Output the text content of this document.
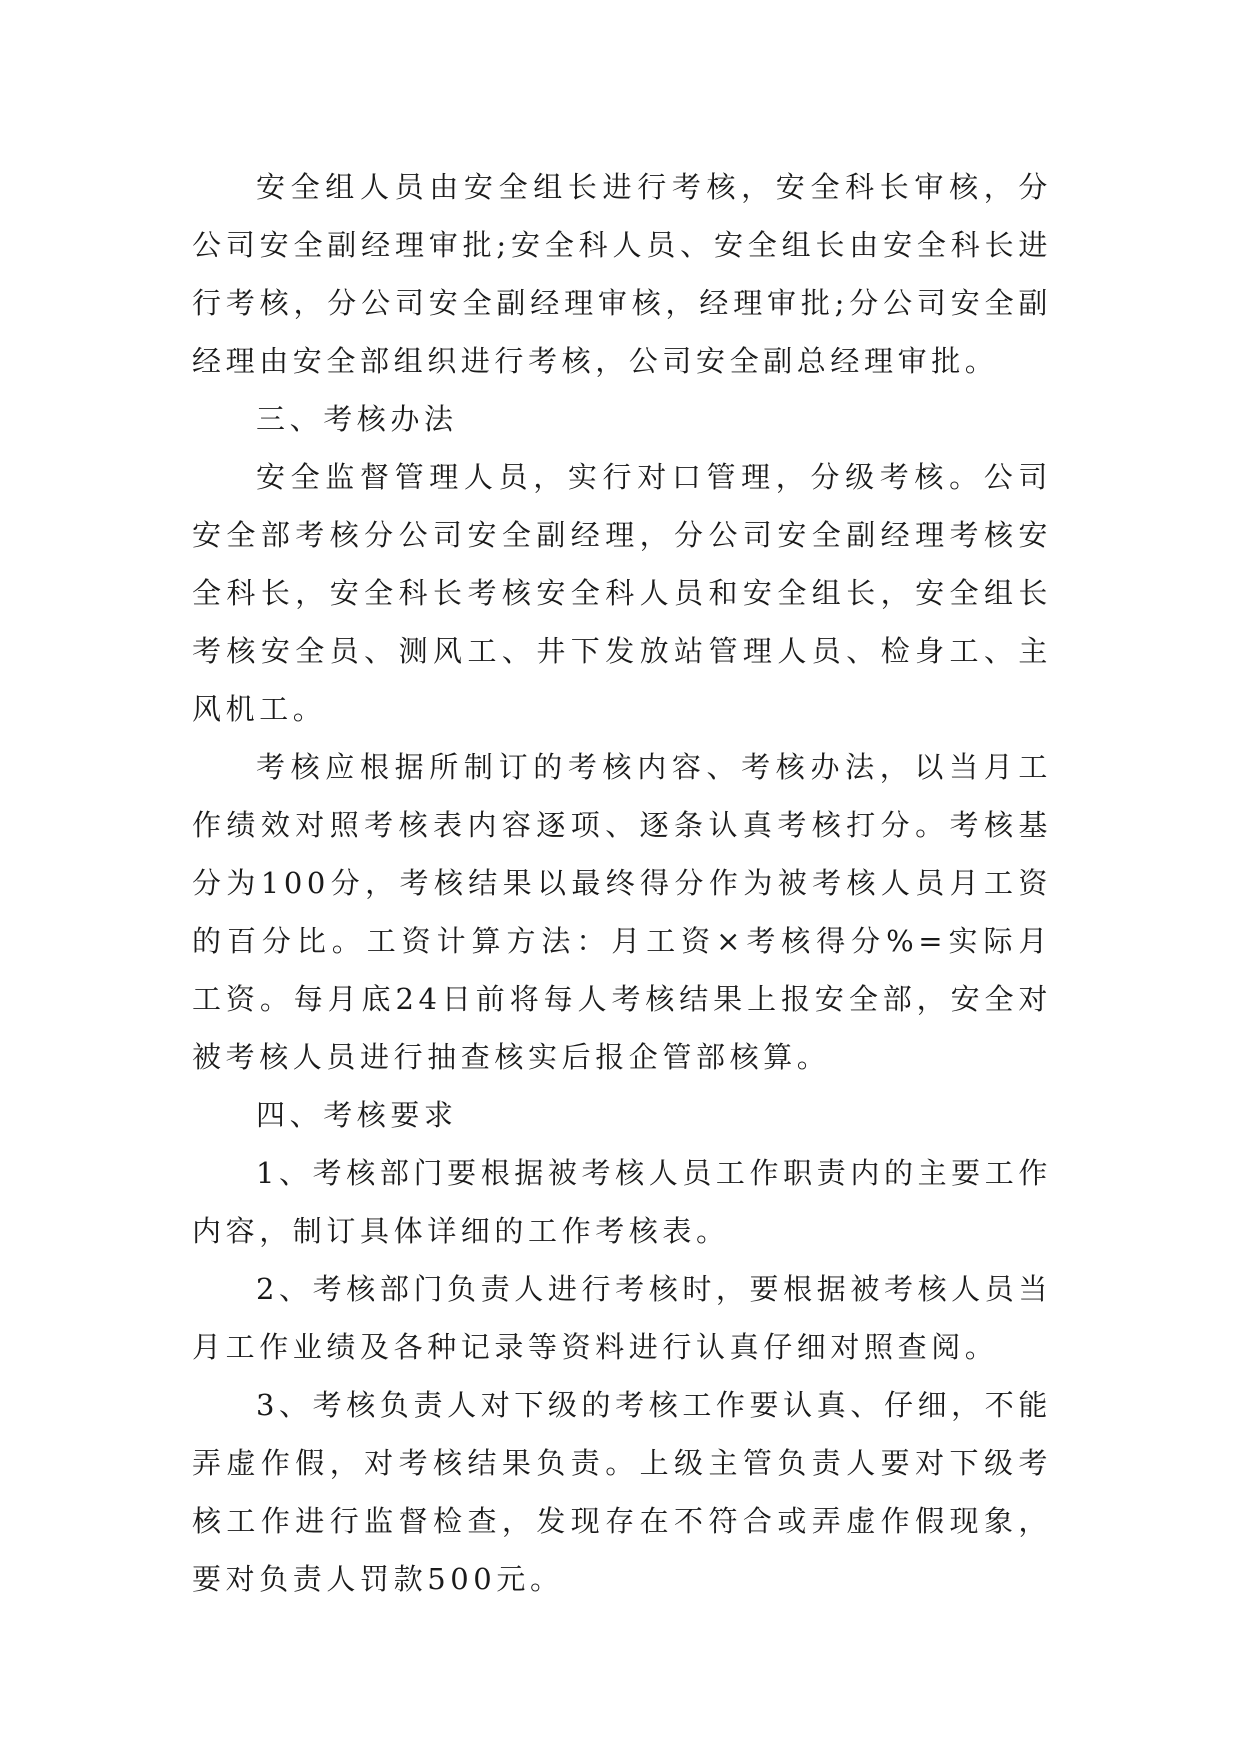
安全组人员由安全组长进行考核，安全科长审核，分公司安全副经理审批;安全科人员、安全组长由安全科长进行考核，分公司安全副经理审核，经理审批;分公司安全副经理由安全部组织进行考核，公司安全副总经理审批。

三、考核办法

安全监督管理人员，实行对口管理，分级考核。公司安全部考核分公司安全副经理，分公司安全副经理考核安全科长，安全科长考核安全科人员和安全组长，安全组长考核安全员、测风工、井下发放站管理人员、检身工、主风机工。

考核应根据所制订的考核内容、考核办法，以当月工作绩效对照考核表内容逐项、逐条认真考核打分。考核基分为100分，考核结果以最终得分作为被考核人员月工资的百分比。工资计算方法：月工资×考核得分%=实际月工资。每月底24日前将每人考核结果上报安全部，安全对被考核人员进行抽查核实后报企管部核算。

四、考核要求

1、考核部门要根据被考核人员工作职责内的主要工作内容，制订具体详细的工作考核表。

2、考核部门负责人进行考核时，要根据被考核人员当月工作业绩及各种记录等资料进行认真仔细对照查阅。

3、考核负责人对下级的考核工作要认真、仔细，不能弄虚作假，对考核结果负责。上级主管负责人要对下级考核工作进行监督检查，发现存在不符合或弄虚作假现象，要对负责人罚款500元。
